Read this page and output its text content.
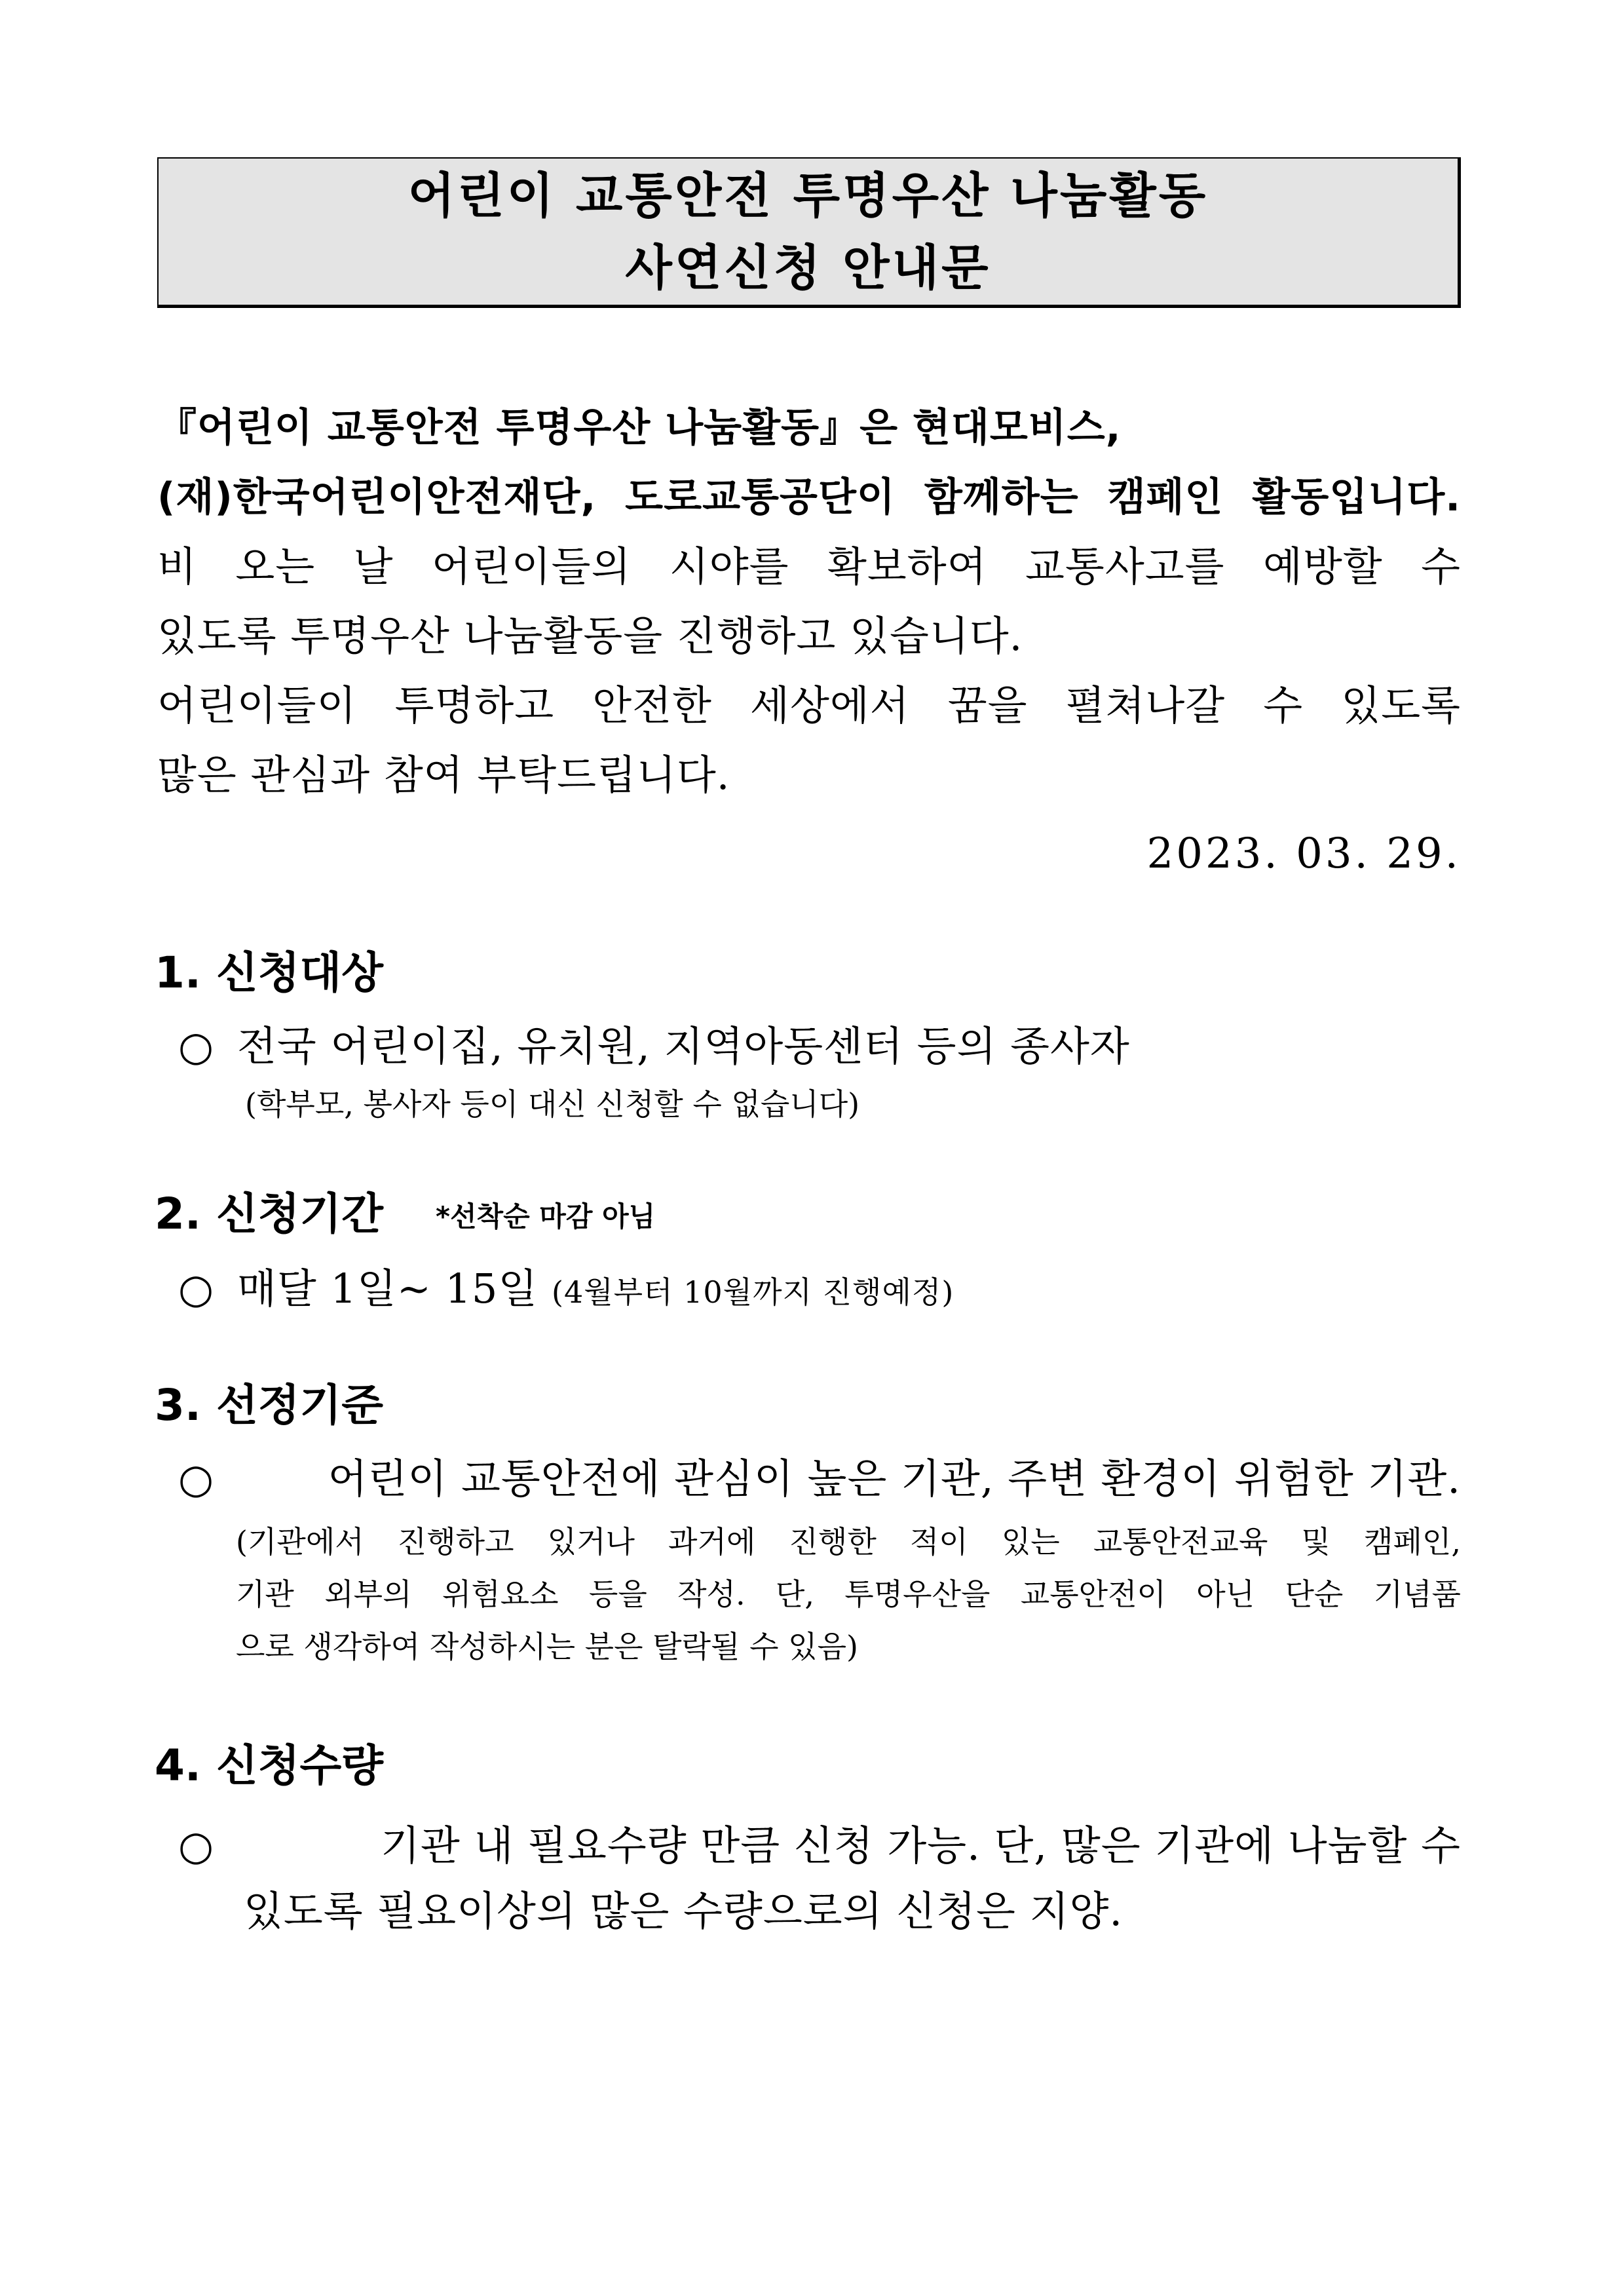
어린이 교통안전 투명우산 나눔활동
사연신청 안내문
『어린이 교통안전 투명우산 나눔활동』은 현대모비스,
(재)한국어린이안전재단, 도로교통공단이 함께하는 캠페인 활동입니다.
비 오는 날 어린이들의 시야를 확보하여 교통사고를 예방할 수
있도록 투명우산 나눔활동을 진행하고 있습니다.
어린이들이 투명하고 안전한 세상에서 꿈을 펼쳐나갈 수 있도록
많은 관심과 참여 부탁드립니다.
2023. 03. 29.
1. 신청대상
○ 전국 어린이집, 유치원, 지역아동센터 등의 종사자
(학부모, 봉사자 등이 대신 신청할 수 없습니다)
2. 신청기간 *선착순 마감 아님
○ 매달 1일~ 15일 (4월부터 10월까지 진행예정)
3. 선정기준
○	어린이 교통안전에 관심이 높은 기관, 주변 환경이 위험한 기관.
(기관에서 진행하고 있거나 과거에 진행한 적이 있는 교통안전교육 및 캠페인,
기관 외부의 위험요소 등을 작성. 단, 투명우산을 교통안전이 아닌 단순 기념품
으로 생각하여 작성하시는 분은 탈락될 수 있음)
4. 신청수량
○	기관 내 필요수량 만큼 신청 가능. 단, 많은 기관에 나눔할 수
있도록 필요이상의 많은 수량으로의 신청은 지양.
